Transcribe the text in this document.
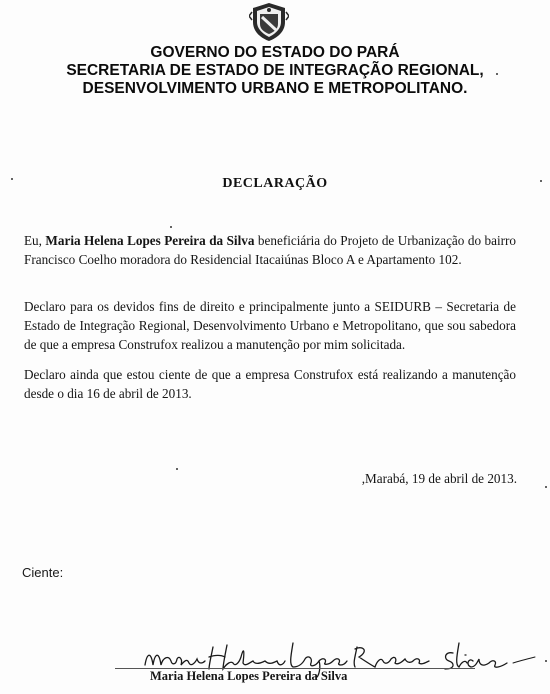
GOVERNO DO ESTADO DO PARÁ
SECRETARIA DE ESTADO DE INTEGRAÇÃO REGIONAL,
DESENVOLVIMENTO URBANO E METROPOLITANO.
DECLARAÇÃO
Eu, Maria Helena Lopes Pereira da Silva beneficiária do Projeto de Urbanização do bairro Francisco Coelho moradora do Residencial Itacaiúnas Bloco A e Apartamento 102.
Declaro para os devidos fins de direito e principalmente junto a SEIDURB – Secretaria de Estado de Integração Regional, Desenvolvimento Urbano e Metropolitano, que sou sabedora de que a empresa Construfox realizou a manutenção por mim solicitada.
Declaro ainda que estou ciente de que a empresa Construfox está realizando a manutenção desde o dia 16 de abril de 2013.
,Marabá, 19 de abril de 2013.
Ciente:
Maria Helena Lopes Pereira da Silva
